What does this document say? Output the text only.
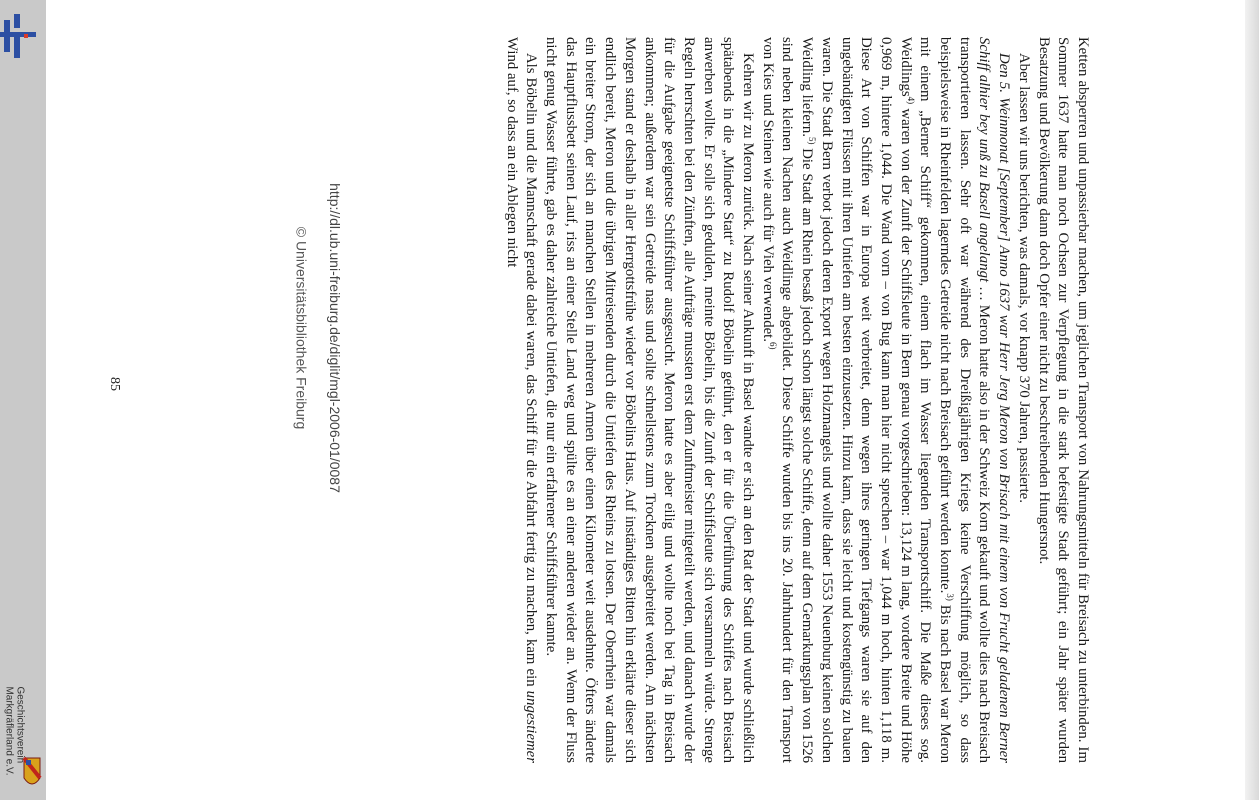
http://dl.ub.uni-freiburg.de/diglit/mgl-2006-01/0087
© Universitätsbibliothek Freiburg
Geschichtsverein
Markgräflerland e.V.	Ketten absperren und unpassierbar machen, um jeglichen Transport von Nahrungsmitteln für Breisach zu unterbinden. Im Sommer 1637 hatte man noch Ochsen zur Verpflegung in die stark befestigte Stadt geführt; ein Jahr später wurden Besatzung und Bevölkerung dann doch Opfer einer nicht zu beschreibenden Hungersnot.

Aber lassen wir uns berichten, was damals, vor knapp 370 Jahren, passierte.

Den 5. Weinmonat [September] Anno 1637 war Herr Jerg Meron von Brisach mit einem von Frucht geladenen Berner Schiff alhier bey unß zu Basell angelangt … Meron hatte also in der Schweiz Korn gekauft und wollte dies nach Breisach transportieren lassen. Sehr oft war während des Dreißigjährigen Kriegs keine Verschiffung möglich, so dass beispielsweise in Rheinfelden lagerndes Getreide nicht nach Breisach geführt werden konnte.$^{3)}$ Bis nach Basel war Meron mit einem „Berner Schiff“ gekommen, einem flach im Wasser liegenden Transportschiff. Die Maße dieses sog. Weidlings$^{4)}$ waren von der Zunft der Schiffsleute in Bern genau vorgeschrieben: 13,124 m lang, vordere Breite und Höhe 0,969 m, hintere 1,044. Die Wand vorn – von Bug kann man hier nicht sprechen – war 1,044 m hoch, hinten 1,118 m. Diese Art von Schiffen war in Europa weit verbreitet, denn wegen ihres geringen Tiefgangs waren sie auf den ungebändigten Flüssen mit ihren Untiefen am besten einzusetzen. Hinzu kam, dass sie leicht und kostengünstig zu bauen waren. Die Stadt Bern verbot jedoch deren Export wegen Holzmangels und wollte daher 1553 Neuenburg keinen solchen Weidling liefern.$^{5)}$ Die Stadt am Rhein besaß jedoch schon längst solche Schiffe, denn auf dem Gemarkungsplan von 1526 sind neben kleinen Nachen auch Weidlinge abgebildet. Diese Schiffe wurden bis ins 20. Jahrhundert für den Transport von Kies und Steinen wie auch für Vieh verwendet.$^{6)}$

Kehren wir zu Meron zurück. Nach seiner Ankunft in Basel wandte er sich an den Rat der Stadt und wurde schließlich spätabends in die „Mindere Statt“ zu Rudolf Böbelin geführt, den er für die Überführung des Schiffes nach Breisach anwerben wollte. Er solle sich gedulden, meinte Böbelin, bis die Zunft der Schiffsleute sich versammeln würde. Strenge Regeln herrschten bei den Zünften, alle Aufträge mussten erst dem Zunftmeister mitgeteilt werden, und danach wurde der für die Aufgabe geeignetste Schiffsführer ausgesucht. Meron hatte es aber eilig und wollte noch bei Tag in Breisach ankommen; außerdem war sein Getreide nass und sollte schnellstens zum Trocknen ausgebreitet werden. Am nächsten Morgen stand er deshalb in aller Herrgottsfrühe wieder vor Böbelins Haus. Auf inständiges Bitten hin erklärte dieser sich endlich bereit, Meron und die übrigen Mitreisenden durch die Untiefen des Rheins zu lotsen. Der Oberrhein war damals ein breiter Strom, der sich an manchen Stellen in mehreren Armen über einen Kilometer weit ausdehnte. Öfters änderte das Hauptflussbett seinen Lauf, riss an einer Stelle Land weg und spülte es an einer anderen wieder an. Wenn der Fluss nicht genug Wasser führte, gab es daher zahlreiche Untiefen, die nur ein erfahrener Schiffsführer kannte.

Als Böbelin und die Mannschaft gerade dabei waren, das Schiff für die Abfahrt fertig zu machen, kam ein ungestiemer Wind auf, so dass an ein Ablegen nicht

85
